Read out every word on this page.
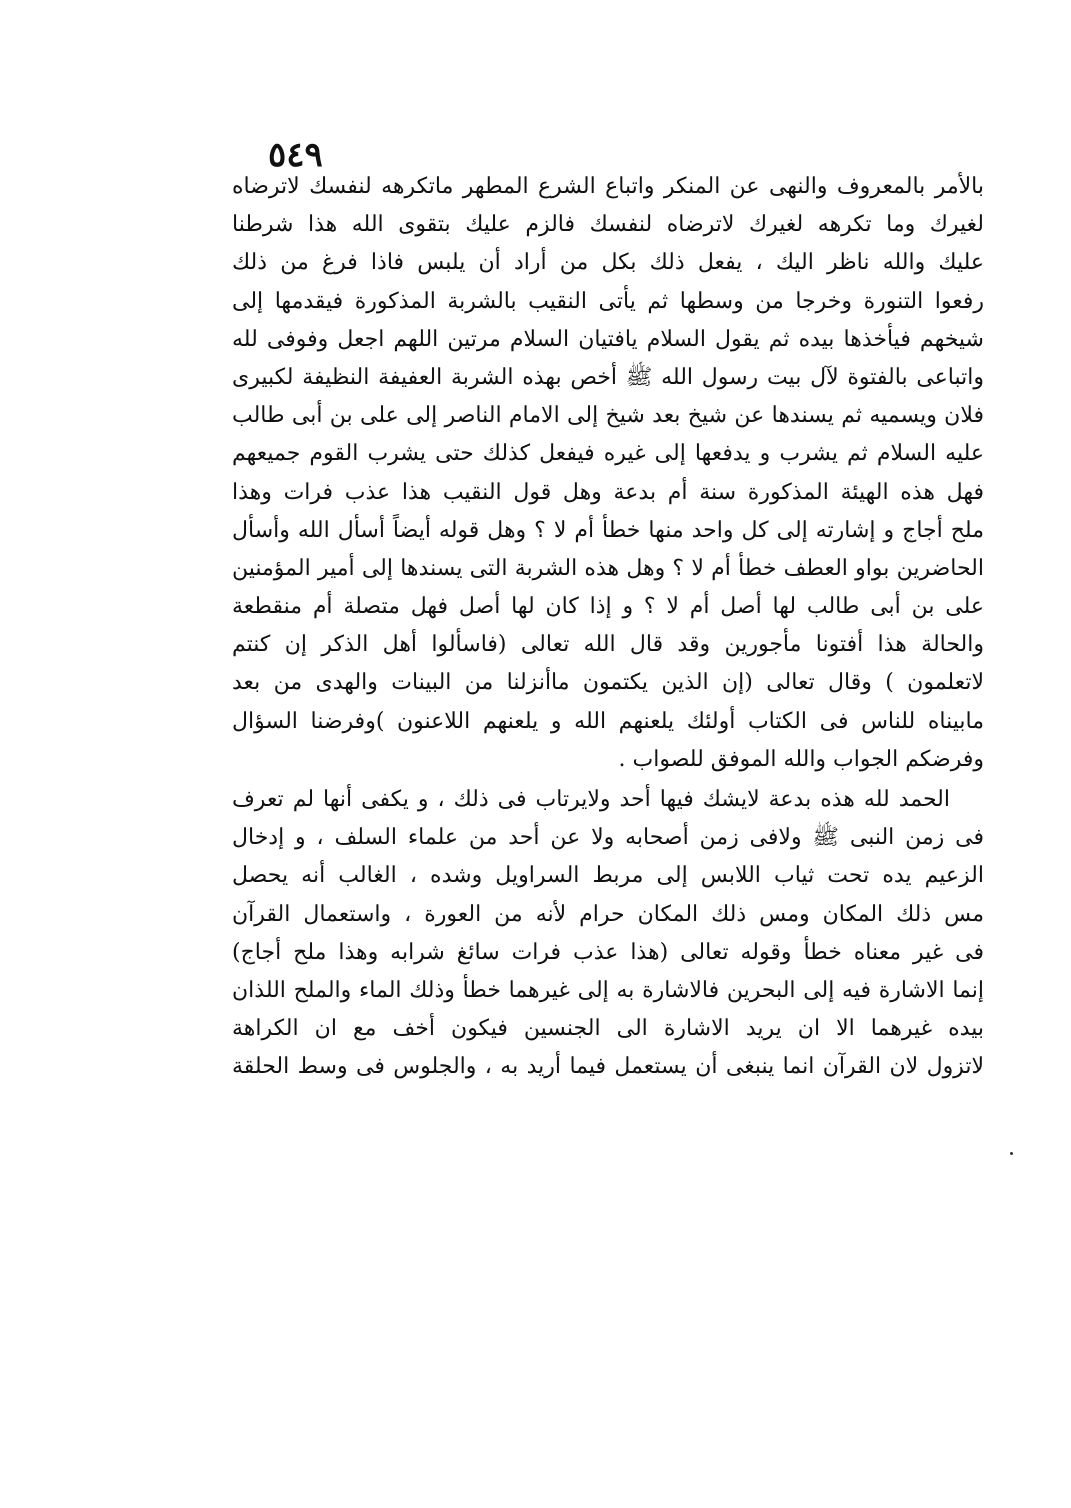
٥٤٩
بالأمر بالمعروف والنهى عن المنكر واتباع الشرع المطهر ماتكرهه لنفسك لاترضاه
لغيرك وما تكرهه لغيرك لاترضاه لنفسك فالزم عليك بتقوى الله هذا شرطنا
عليك والله ناظر اليك ، يفعل ذلك بكل من أراد أن يلبس فاذا فرغ من ذلك
رفعوا التنورة وخرجا من وسطها ثم يأتى النقيب بالشربة المذكورة فيقدمها إلى
شيخهم فيأخذها بيده ثم يقول السلام يافتيان السلام مرتين اللهم اجعل وفوفى لله
واتباعى بالفتوة لآل بيت رسول الله ﷺ أخص بهذه الشربة العفيفة النظيفة لكبيرى
فلان ويسميه ثم يسندها عن شيخ بعد شيخ إلى الامام الناصر إلى على بن أبى طالب
عليه السلام ثم يشرب و يدفعها إلى غيره فيفعل كذلك حتى يشرب القوم جميعهم
فهل هذه الهيئة المذكورة سنة أم بدعة وهل قول النقيب هذا عذب فرات وهذا
ملح أجاج و إشارته إلى كل واحد منها خطأ أم لا ؟ وهل قوله أيضاً أسأل الله وأسأل
الحاضرين بواو العطف خطأ أم لا ؟ وهل هذه الشربة التى يسندها إلى أمير المؤمنين
على بن أبى طالب لها أصل أم لا ؟ و إذا كان لها أصل فهل متصلة أم منقطعة
والحالة هذا أفتونا مأجورين وقد قال الله تعالى (فاسألوا أهل الذكر إن كنتم
لاتعلمون ) وقال تعالى (إن الذين يكتمون ماأنزلنا من البينات والهدى من بعد
مابيناه للناس فى الكتاب أولئك يلعنهم الله و يلعنهم اللاعنون )وفرضنا السؤال
وفرضكم الجواب والله الموفق للصواب .
الحمد لله هذه بدعة لايشك فيها أحد ولايرتاب فى ذلك ، و يكفى أنها لم تعرف
فى زمن النبى ﷺ ولافى زمن أصحابه ولا عن أحد من علماء السلف ، و إدخال
الزعيم يده تحت ثياب اللابس إلى مربط السراويل وشده ، الغالب أنه يحصل
مس ذلك المكان ومس ذلك المكان حرام لأنه من العورة ، واستعمال القرآن
فى غير معناه خطأ وقوله تعالى (هذا عذب فرات سائغ شرابه وهذا ملح أجاج)
إنما الاشارة فيه إلى البحرين فالاشارة به إلى غيرهما خطأ وذلك الماء والملح اللذان
بيده غيرهما الا ان يريد الاشارة الى الجنسين فيكون أخف مع ان الكراهة
لاتزول لان القرآن انما ينبغى أن يستعمل فيما أريد به ، والجلوس فى وسط الحلقة
